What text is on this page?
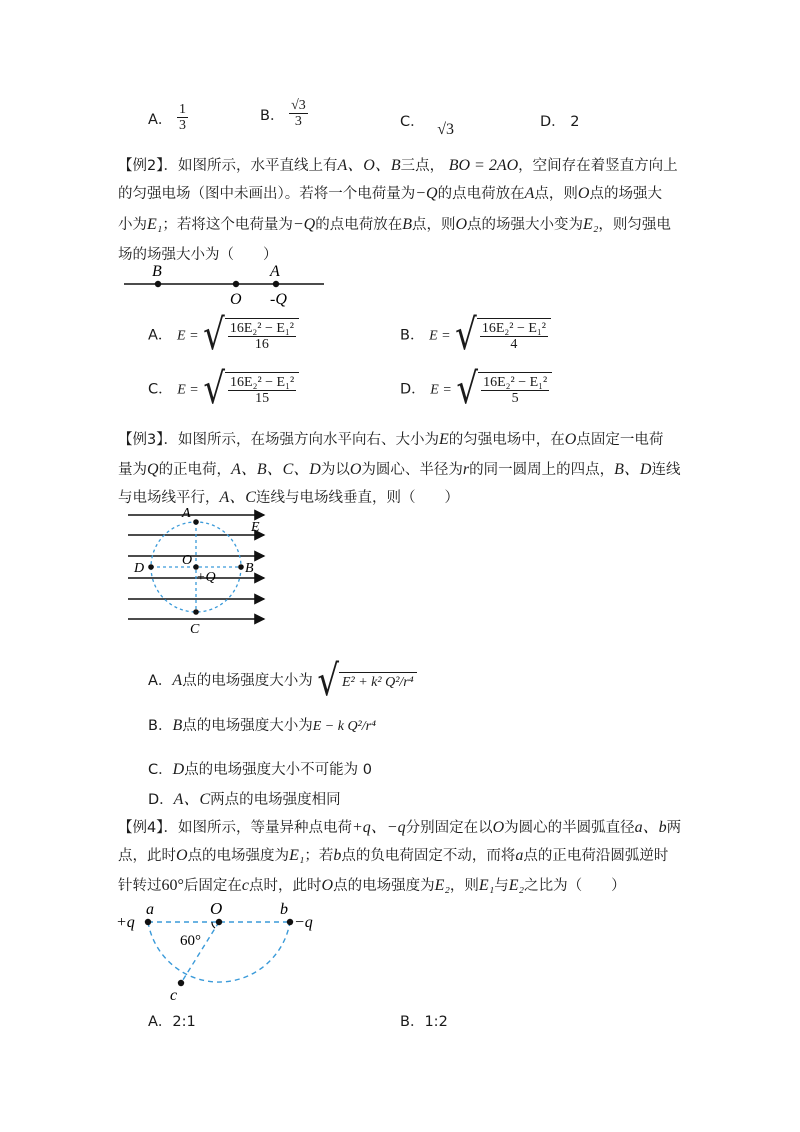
A． $\frac{1}{3}$	B． $\frac{√3}{3}$	C． √3	D． 2
【例2】．如图所示，水平直线上有A、O、B三点， BO = 2AO，空间存在着竖直方向上
的匀强电场（图中未画出）。若将一个电荷量为−Q的点电荷放在A点，则O点的场强大
小为E₁；若将这个电荷量为−Q的点电荷放在B点，则O点的场强大小变为E₂，则匀强电
场的场强大小为（　　）
B
O
A
-Q
A． E = √ $\frac{\text{16E₂² − E₁²}}{16}$	B． E = √ $\frac{\text{16E₂² − E₁²}}{4}$
C． E = √ $\frac{\text{16E₂² − E₁²}}{15}$	D． E = √ $\frac{\text{16E₂² − E₁²}}{5}$
【例3】．如图所示，在场强方向水平向右、大小为E的匀强电场中，在O点固定一电荷
量为Q的正电荷，A、B、C、D为以O为圆心、半径为r的同一圆周上的四点，B、D连线
与电场线平行，A、C连线与电场线垂直，则（　　）
A
E
O
D	B
+Q
C
A．A点的电场强度大小为 √ E² + k² Q²/r⁴
B．B点的电场强度大小为E − k Q²/r⁴
C．D点的电场强度大小不可能为 0
D．A、C两点的电场强度相同
【例4】．如图所示，等量异种点电荷+q、−q分别固定在以O为圆心的半圆弧直径a、b两
点，此时O点的电场强度为E₁；若b点的负电荷固定不动，而将a点的正电荷沿圆弧逆时
针转过60°后固定在c点时，此时O点的电场强度为E₂，则E₁与E₂之比为（　　）
+q
a	O	b
−q
60°
c
A．2:1	B．1:2
